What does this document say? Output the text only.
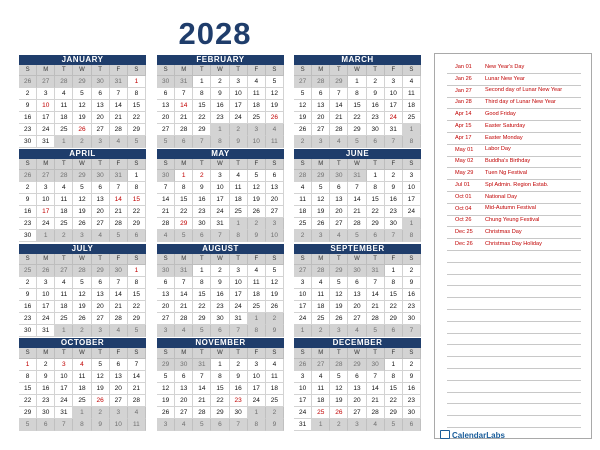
2028
JANUARY
S	M	T	W	T	F	S
26	27	28	29	30	31	1
2	3	4	5	6	7	8
9	10	11	12	13	14	15
16	17	18	19	20	21	22
23	24	25	26	27	28	29
30	31	1	2	3	4	5
FEBRUARY
S	M	T	W	T	F	S
30	31	1	2	3	4	5
6	7	8	9	10	11	12
13	14	15	16	17	18	19
20	21	22	23	24	25	26
27	28	29	1	2	3	4
5	6	7	8	9	10	11
MARCH
S	M	T	W	T	F	S
27	28	29	1	2	3	4
5	6	7	8	9	10	11
12	13	14	15	16	17	18
19	20	21	22	23	24	25
26	27	28	29	30	31	1
2	3	4	5	6	7	8
APRIL
S	M	T	W	T	F	S
26	27	28	29	30	31	1
2	3	4	5	6	7	8
9	10	11	12	13	14	15
16	17	18	19	20	21	22
23	24	25	26	27	28	29
30	1	2	3	4	5	6
MAY
S	M	T	W	T	F	S
30	1	2	3	4	5	6
7	8	9	10	11	12	13
14	15	16	17	18	19	20
21	22	23	24	25	26	27
28	29	30	31	1	2	3
4	5	6	7	8	9	10
JUNE
S	M	T	W	T	F	S
28	29	30	31	1	2	3
4	5	6	7	8	9	10
11	12	13	14	15	16	17
18	19	20	21	22	23	24
25	26	27	28	29	30	1
2	3	4	5	6	7	8
JULY
S	M	T	W	T	F	S
25	26	27	28	29	30	1
2	3	4	5	6	7	8
9	10	11	12	13	14	15
16	17	18	19	20	21	22
23	24	25	26	27	28	29
30	31	1	2	3	4	5
AUGUST
S	M	T	W	T	F	S
30	31	1	2	3	4	5
6	7	8	9	10	11	12
13	14	15	16	17	18	19
20	21	22	23	24	25	26
27	28	29	30	31	1	2
3	4	5	6	7	8	9
SEPTEMBER
S	M	T	W	T	F	S
27	28	29	30	31	1	2
3	4	5	6	7	8	9
10	11	12	13	14	15	16
17	18	19	20	21	22	23
24	25	26	27	28	29	30
1	2	3	4	5	6	7
OCTOBER
S	M	T	W	T	F	S
1	2	3	4	5	6	7
8	9	10	11	12	13	14
15	16	17	18	19	20	21
22	23	24	25	26	27	28
29	30	31	1	2	3	4
5	6	7	8	9	10	11
NOVEMBER
S	M	T	W	T	F	S
29	30	31	1	2	3	4
5	6	7	8	9	10	11
12	13	14	15	16	17	18
19	20	21	22	23	24	25
26	27	28	29	30	1	2
3	4	5	6	7	8	9
DECEMBER
S	M	T	W	T	F	S
26	27	28	29	30	1	2
3	4	5	6	7	8	9
10	11	12	13	14	15	16
17	18	19	20	21	22	23
24	25	26	27	28	29	30
31	1	2	3	4	5	6
Jan 01 New Year's Day
Jan 26 Lunar New Year
Jan 27 Second day of Lunar New Year
Jan 28 Third day of Lunar New Year
Apr 14 Good Friday
Apr 15 Easter Saturday
Apr 17 Easter Monday
May 01 Labor Day
May 02 Buddha's Birthday
May 29 Tuen Ng Festival
Jul 01	Spl Admin. Region Estab.
Oct 01 National Day
Oct 04 Mid-Autumn Festival
Oct 26 Chung Yeung Festival
Dec 25 Christmas Day
Dec 26 Christmas Day Holiday
CalendarLabs
